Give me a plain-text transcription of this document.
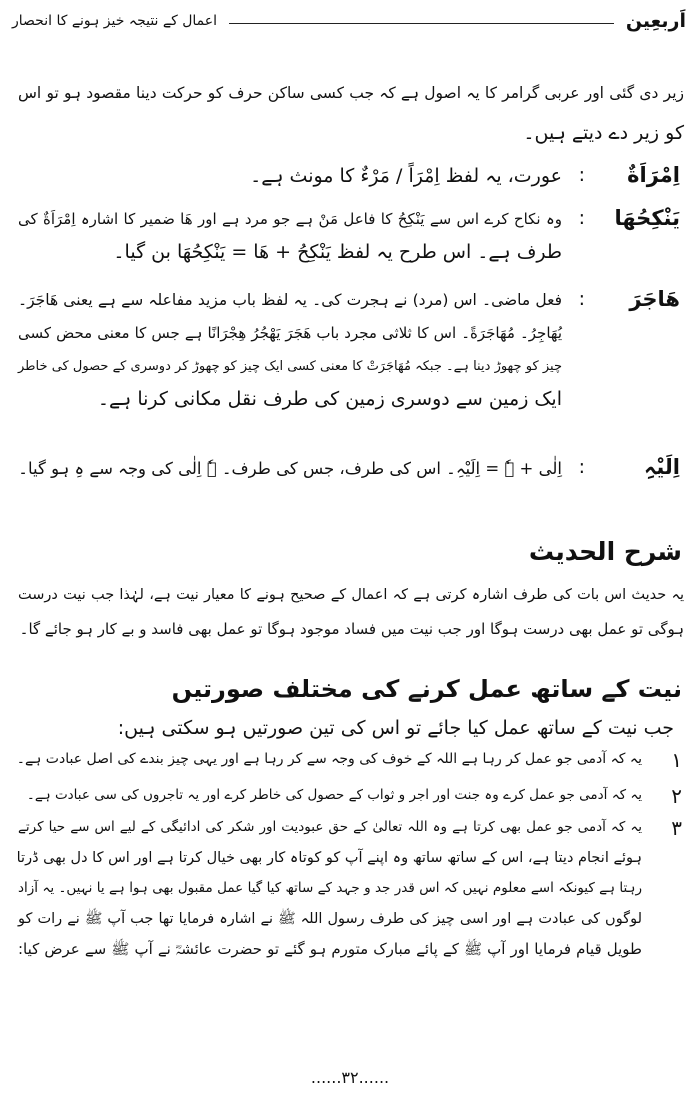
اَربعِین
اعمال کے نتیجہ خیز ہونے کا انحصار
زیر دی گئی اور عربی گرامر کا یہ اصول ہے کہ جب کسی ساکن حرف کو حرکت دینا مقصود ہو تو اس
کو زیر دے دیتے ہیں۔
اِمْرَاَةٌ
:
عورت، یہ لفظ اِمْرَاً / مَرْءٌ کا مونث ہے۔
یَنْکِحُھَا
:
وہ نکاح کرے اس سے یَنْکِحُ کا فاعل مَنْ ہے جو مرد ہے اور ھَا ضمیر کا اشارہ اِمْرَاَةٌ کی
طرف ہے۔ اس طرح یہ لفظ یَنْکِحُ + ھَا = یَنْکِحُھَا بن گیا۔
ھَاجَرَ
:
فعل ماضی۔ اس (مرد) نے ہجرت کی۔ یہ لفظ باب مزید مفاعلہ سے ہے یعنی ھَاجَرَ۔
یُھَاجِرُ۔ مُھَاجَرَةً۔ اس کا ثلاثی مجرد باب ھَجَرَ یَھْجُرُ ھِجْرَانًا ہے جس کا معنی محض کسی
چیز کو چھوڑ دینا ہے۔ جبکہ مُھَاجَرَتْ کا معنی کسی ایک چیز کو چھوڑ کر دوسری کے حصول کی خاطر
ایک زمین سے دوسری زمین کی طرف نقل مکانی کرنا ہے۔
اِلَیْہِ
:
اِلٰی + ہٗ = اِلَیْہِ۔ اس کی طرف، جس کی طرف۔ ہٗ اِلٰی کی وجہ سے ہِ ہو گیا۔
شرح الحدیث
یہ حدیث اس بات کی طرف اشارہ کرتی ہے کہ اعمال کے صحیح ہونے کا معیار نیت ہے، لہٰذا جب نیت درست
ہوگی تو عمل بھی درست ہوگا اور جب نیت میں فساد موجود ہوگا تو عمل بھی فاسد و بے کار ہو جائے گا۔
نیت کے ساتھ عمل کرنے کی مختلف صورتیں
جب نیت کے ساتھ عمل کیا جائے تو اس کی تین صورتیں ہو سکتی ہیں:
۱
یہ کہ آدمی جو عمل کر رہا ہے اللہ کے خوف کی وجہ سے کر رہا ہے اور یہی چیز بندے کی اصل عبادت ہے۔
۲
یہ کہ آدمی جو عمل کرے وہ جنت اور اجر و ثواب کے حصول کی خاطر کرے اور یہ تاجروں کی سی عبادت ہے۔
۳
یہ کہ آدمی جو عمل بھی کرتا ہے وہ اللہ تعالیٰ کے حق عبودیت اور شکر کی ادائیگی کے لیے اس سے حیا کرتے
ہوئے انجام دیتا ہے، اس کے ساتھ ساتھ وہ اپنے آپ کو کوتاہ کار بھی خیال کرتا ہے اور اس کا دل بھی ڈرتا
رہتا ہے کیونکہ اسے معلوم نہیں کہ اس قدر جد و جہد کے ساتھ کیا گیا عمل مقبول بھی ہوا ہے یا نہیں۔ یہ آزاد
لوگوں کی عبادت ہے اور اسی چیز کی طرف رسول اللہ ﷺ نے اشارہ فرمایا تھا جب آپ ﷺ نے رات کو
طویل قیام فرمایا اور آپ ﷺ کے پائے مبارک متورم ہو گئے تو حضرت عائشہؓ نے آپ ﷺ سے عرض کیا:
......۳۲......
